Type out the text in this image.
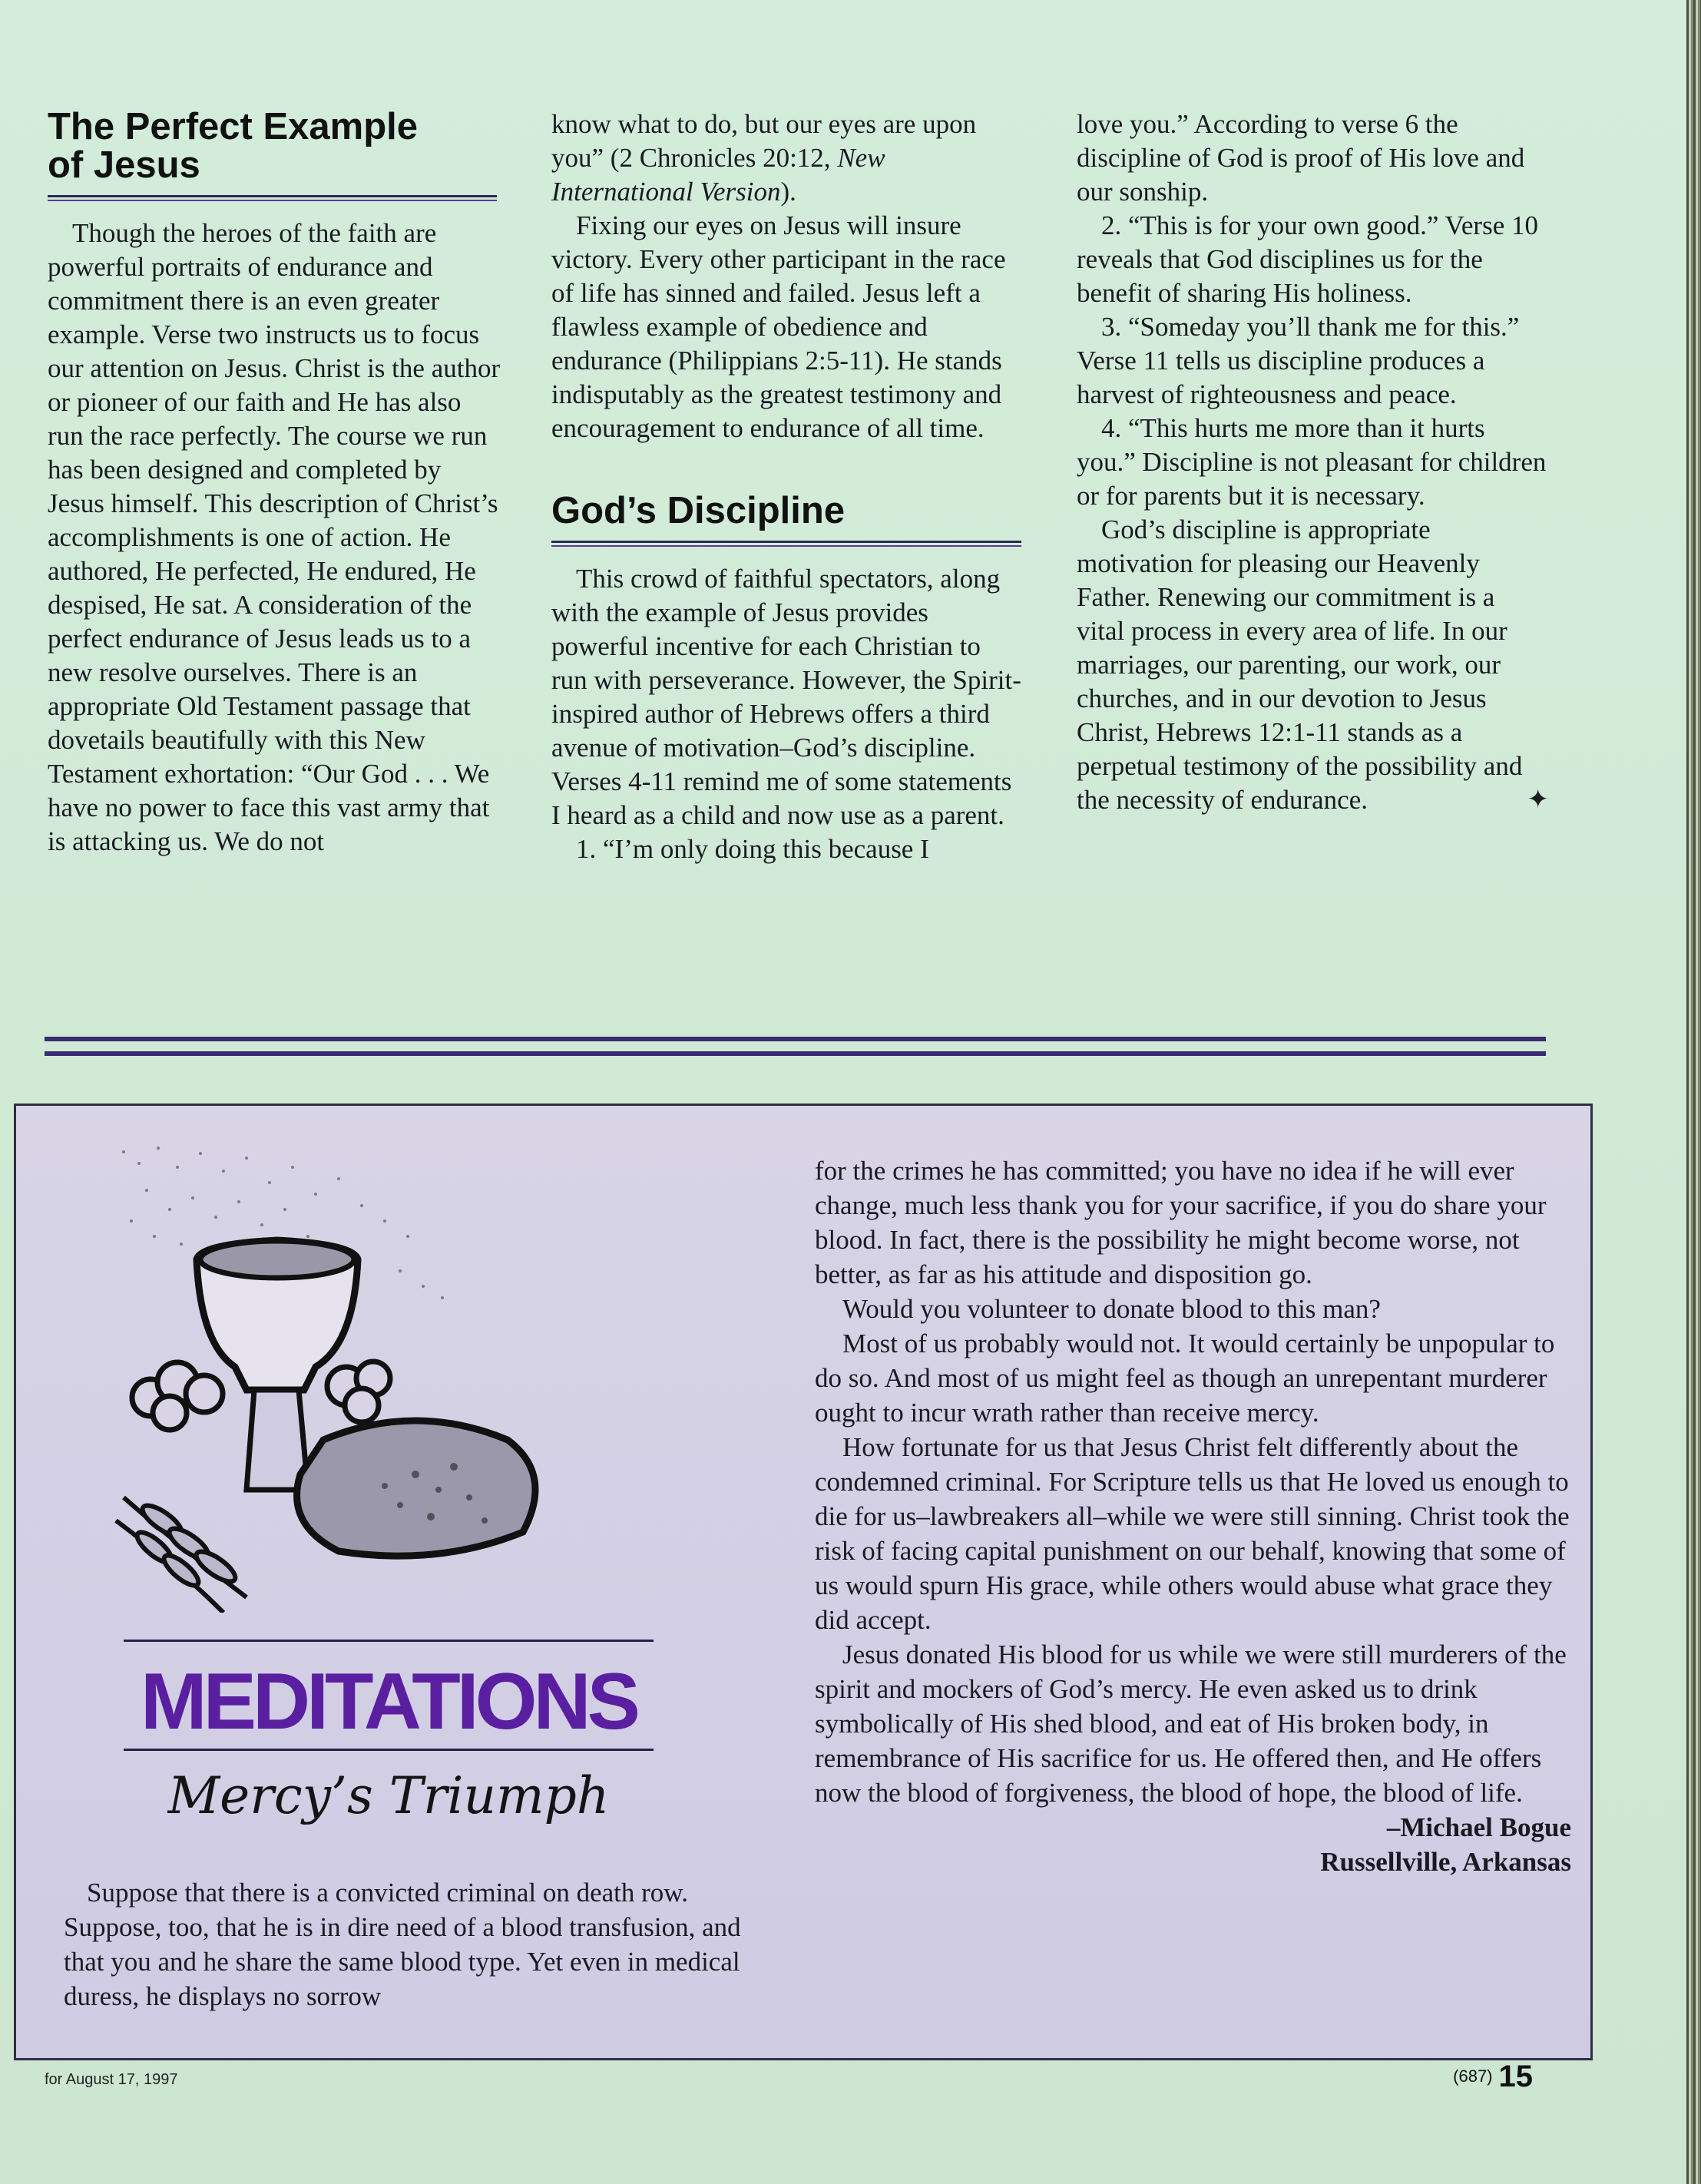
The Perfect Example
of Jesus

Though the heroes of the faith are powerful portraits of endurance and commitment there is an even greater example. Verse two instructs us to focus our attention on Jesus. Christ is the author or pioneer of our faith and He has also run the race perfectly. The course we run has been designed and completed by Jesus himself. This description of Christ’s accomplishments is one of action. He authored, He perfected, He endured, He despised, He sat. A consideration of the perfect endurance of Jesus leads us to a new resolve ourselves. There is an appropriate Old Testament passage that dovetails beautifully with this New Testament exhortation: “Our God . . . We have no power to face this vast army that is attacking us. We do not

know what to do, but our eyes are upon you” (2 Chronicles 20:12, New International Version).

Fixing our eyes on Jesus will insure victory. Every other participant in the race of life has sinned and failed. Jesus left a flawless example of obedience and endurance (Philippians 2:5-11). He stands indisputably as the greatest testimony and encouragement to endurance of all time.

God’s Discipline

This crowd of faithful spectators, along with the example of Jesus provides powerful incentive for each Christian to run with perseverance. However, the Spirit-inspired author of Hebrews offers a third avenue of motivation–God’s discipline. Verses 4-11 remind me of some statements I heard as a child and now use as a parent.

1. “I’m only doing this because I

love you.” According to verse 6 the discipline of God is proof of His love and our sonship.

2. “This is for your own good.” Verse 10 reveals that God disciplines us for the benefit of sharing His holiness.

3. “Someday you’ll thank me for this.” Verse 11 tells us discipline produces a harvest of righteousness and peace.

4. “This hurts me more than it hurts you.” Discipline is not pleasant for children or for parents but it is necessary.

God’s discipline is appropriate motivation for pleasing our Heavenly Father. Renewing our commitment is a vital process in every area of life. In our marriages, our parenting, our work, our churches, and in our devotion to Jesus Christ, Hebrews 12:1-11 stands as a perpetual testimony of the possibility and the necessity of endurance.	✦

MEDITATIONS
Mercy’s Triumph

Suppose that there is a convicted criminal on death row. Suppose, too, that he is in dire need of a blood transfusion, and that you and he share the same blood type. Yet even in medical duress, he displays no sorrow

for the crimes he has committed; you have no idea if he will ever change, much less thank you for your sacrifice, if you do share your blood. In fact, there is the possibility he might become worse, not better, as far as his attitude and disposition go.

Would you volunteer to donate blood to this man?

Most of us probably would not. It would certainly be unpopular to do so. And most of us might feel as though an unrepentant murderer ought to incur wrath rather than receive mercy.

How fortunate for us that Jesus Christ felt differently about the condemned criminal. For Scripture tells us that He loved us enough to die for us–lawbreakers all–while we were still sinning. Christ took the risk of facing capital punishment on our behalf, knowing that some of us would spurn His grace, while others would abuse what grace they did accept.

Jesus donated His blood for us while we were still murderers of the spirit and mockers of God’s mercy. He even asked us to drink symbolically of His shed blood, and eat of His broken body, in remembrance of His sacrifice for us. He offered then, and He offers now the blood of forgiveness, the blood of hope, the blood of life.

–Michael Bogue
Russellville, Arkansas
for August 17, 1997	(687) 15
